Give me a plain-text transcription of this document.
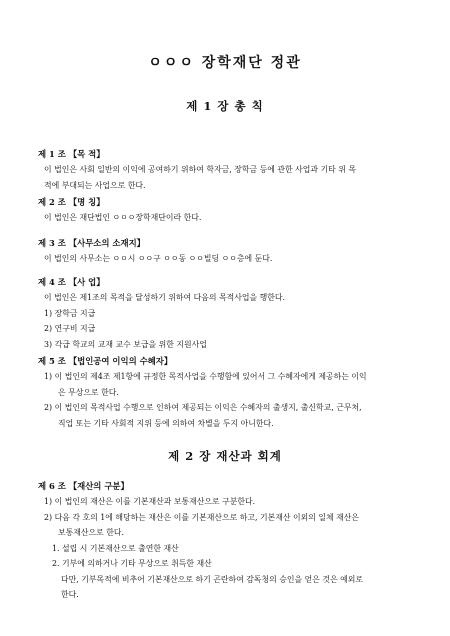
ㅇㅇㅇ 장학재단 정관
제 1 장 총 칙
제 1 조 【목 적】
이 법인은 사회 일반의 이익에 공여하기 위하여 학자금, 장학금 등에 관한 사업과 기타 위 목
적에 부대되는 사업으로 한다.
제 2 조 【명 칭】
이 법인은 재단법인 ㅇㅇㅇ장학재단이라 한다.
제 3 조 【사무소의 소재지】
이 법인의 사무소는 ㅇㅇ시 ㅇㅇ구 ㅇㅇ동 ㅇㅇ빌딩 ㅇㅇ층에 둔다.
제 4 조 【사 업】
이 법인은 제1조의 목적을 달성하기 위하여 다음의 목적사업을 행한다.
1) 장학금 지급
2) 연구비 지급
3) 각급 학교의 교재 교수 보급을 위한 지원사업
제 5 조 【법인공여 이익의 수혜자】
1) 이 법인의 제4조 제1항에 규정한 목적사업을 수행함에 있어서 그 수혜자에게 제공하는 이익
은 무상으로 한다.
2) 이 법인의 목적사업 수행으로 인하여 제공되는 이익은 수혜자의 출생지, 출신학교, 근무처,
직업 또는 기타 사회적 지위 등에 의하여 차별을 두지 아니한다.
제 2 장 재산과 회계
제 6 조 【재산의 구분】
1) 이 법인의 재산은 이를 기본재산과 보통재산으로 구분한다.
2) 다음 각 호의 1에 해당하는 재산은 이를 기본재산으로 하고, 기본재산 이외의 일체 재산은
보통재산으로 한다.
1. 설립 시 기본재산으로 출연한 재산
2. 기부에 의하거나 기타 무상으로 취득한 재산
다만, 기부목적에 비추어 기본재산으로 하기 곤란하여 감독청의 승인을 얻은 것은 예외로
한다.
